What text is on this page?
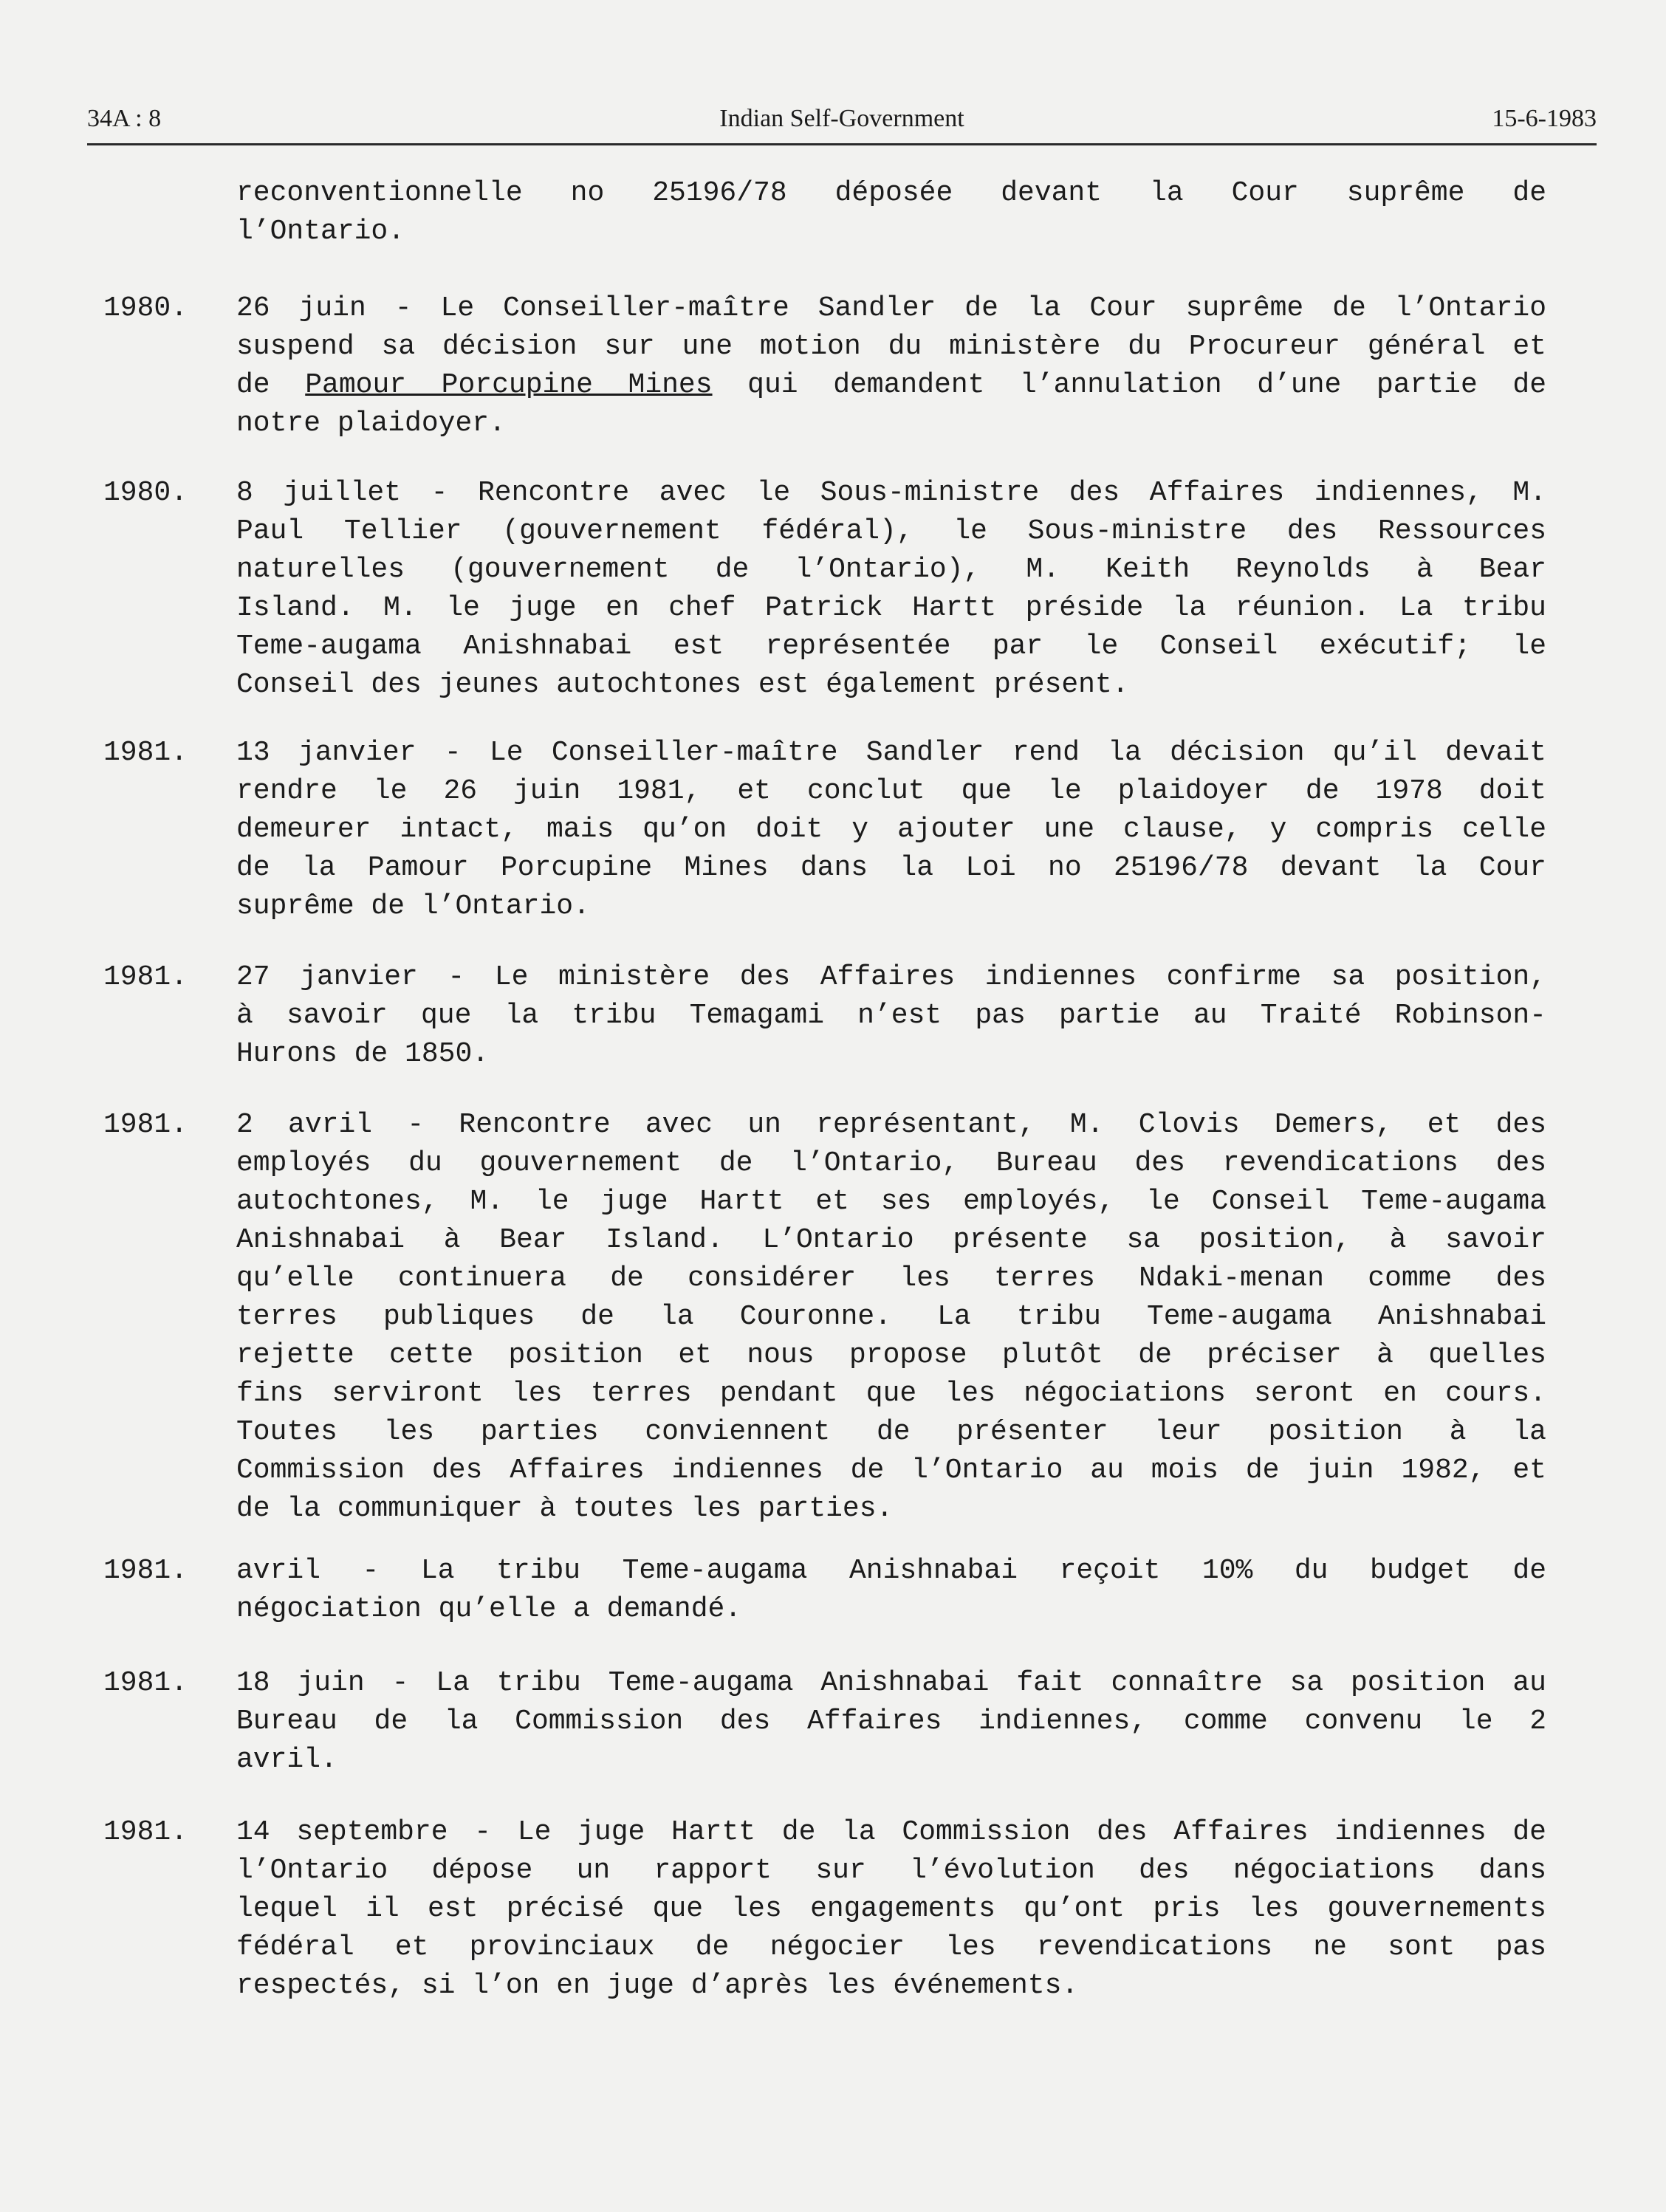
34A : 8	Indian Self-Government	15-6-1983
reconventionnelle no 25196/78 déposée devant la Cour suprême de
l’Ontario.
1980. 26 juin - Le Conseiller-maître Sandler de la Cour suprême de l’Ontario
suspend sa décision sur une motion du ministère du Procureur général et
de Pamour Porcupine Mines qui demandent l’annulation d’une partie de
notre plaidoyer.
1980. 8 juillet - Rencontre avec le Sous-ministre des Affaires indiennes, M.
Paul Tellier (gouvernement fédéral), le Sous-ministre des Ressources
naturelles (gouvernement de l’Ontario), M. Keith Reynolds à Bear
Island. M. le juge en chef Patrick Hartt préside la réunion. La tribu
Teme-augama Anishnabai est représentée par le Conseil exécutif; le
Conseil des jeunes autochtones est également présent.
1981. 13 janvier - Le Conseiller-maître Sandler rend la décision qu’il devait
rendre le 26 juin 1981, et conclut que le plaidoyer de 1978 doit
demeurer intact, mais qu’on doit y ajouter une clause, y compris celle
de la Pamour Porcupine Mines dans la Loi no 25196/78 devant la Cour
suprême de l’Ontario.
1981. 27 janvier - Le ministère des Affaires indiennes confirme sa position,
à savoir que la tribu Temagami n’est pas partie au Traité Robinson-
Hurons de 1850.
1981. 2 avril - Rencontre avec un représentant, M. Clovis Demers, et des
employés du gouvernement de l’Ontario, Bureau des revendications des
autochtones, M. le juge Hartt et ses employés, le Conseil Teme-augama
Anishnabai à Bear Island. L’Ontario présente sa position, à savoir
qu’elle continuera de considérer les terres Ndaki-menan comme des
terres publiques de la Couronne. La tribu Teme-augama Anishnabai
rejette cette position et nous propose plutôt de préciser à quelles
fins serviront les terres pendant que les négociations seront en cours.
Toutes les parties conviennent de présenter leur position à la
Commission des Affaires indiennes de l’Ontario au mois de juin 1982, et
de la communiquer à toutes les parties.
1981. avril - La tribu Teme-augama Anishnabai reçoit 10% du budget de
négociation qu’elle a demandé.
1981. 18 juin - La tribu Teme-augama Anishnabai fait connaître sa position au
Bureau de la Commission des Affaires indiennes, comme convenu le 2
avril.
1981. 14 septembre - Le juge Hartt de la Commission des Affaires indiennes de
l’Ontario dépose un rapport sur l’évolution des négociations dans
lequel il est précisé que les engagements qu’ont pris les gouvernements
fédéral et provinciaux de négocier les revendications ne sont pas
respectés, si l’on en juge d’après les événements.
